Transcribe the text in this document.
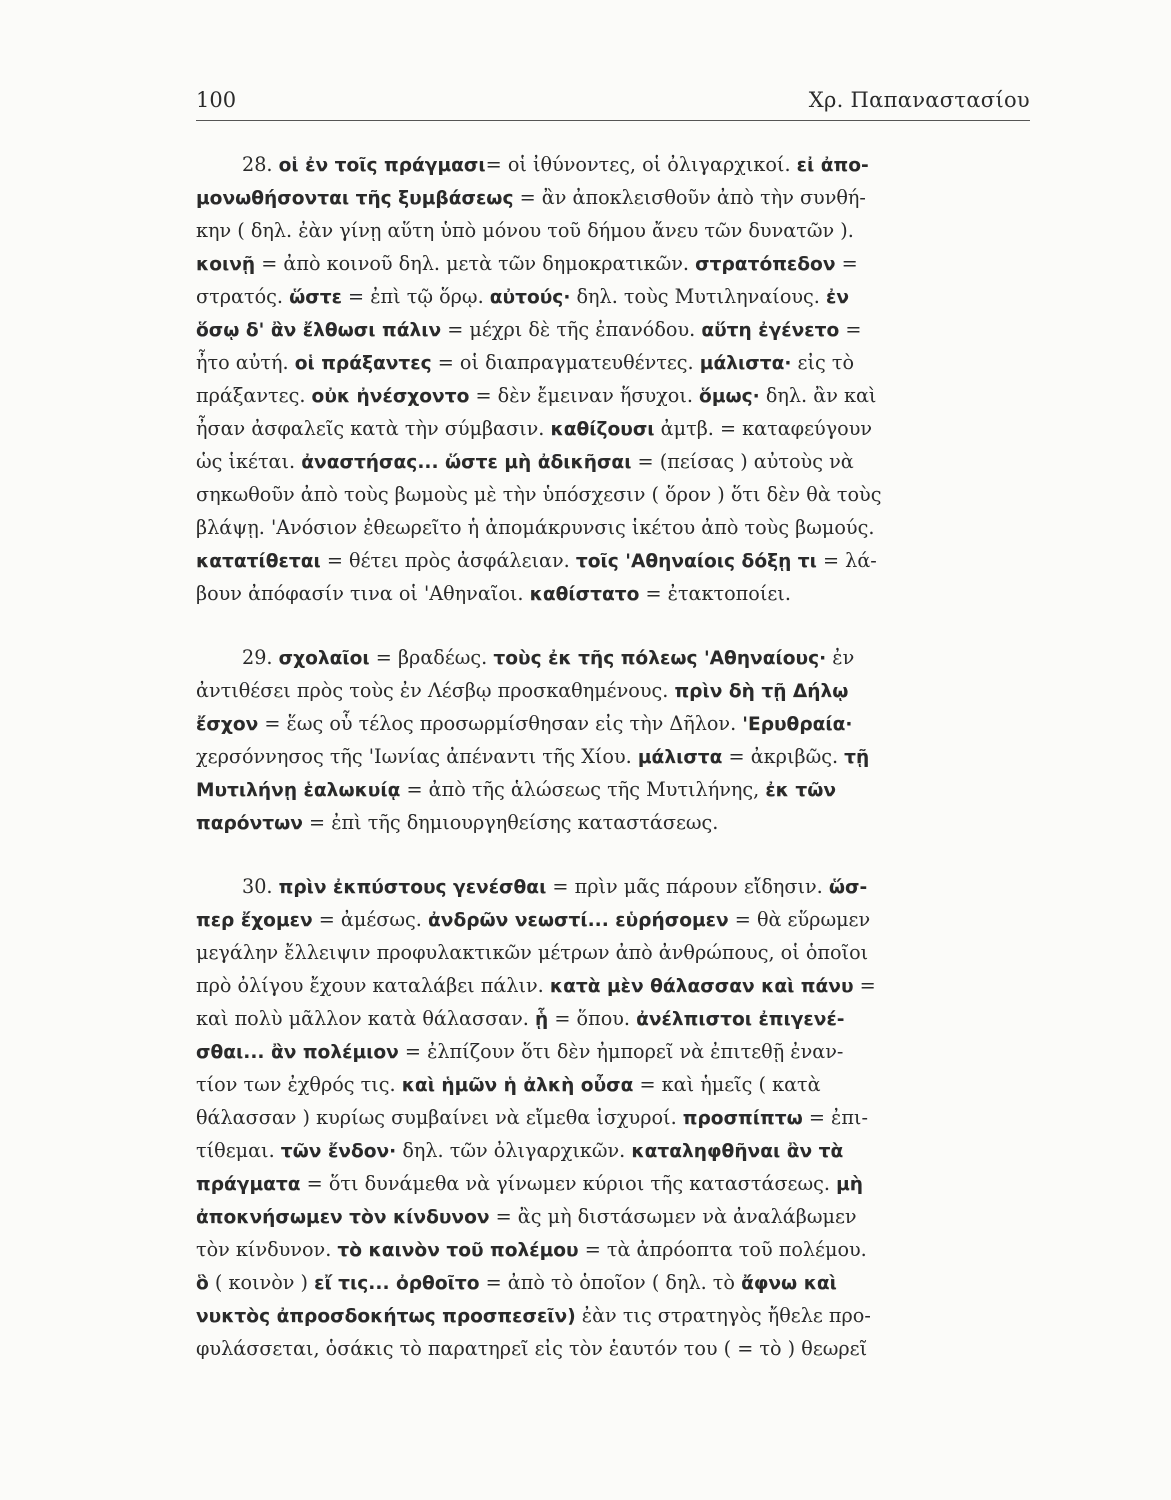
100	Χρ. Παπαναστασίου
28. οἱ ἐν τοῖς πράγμασι= οἱ ἰθύνοντες, οἱ ὀλιγαρχικοί. εἰ ἀπο-
μονωθήσονται τῆς ξυμβάσεως = ἂν ἀποκλεισθοῦν ἀπὸ τὴν συνθή-
κην ( δηλ. ἐὰν γίνῃ αὕτη ὑπὸ μόνου τοῦ δήμου ἄνευ τῶν δυνατῶν ).
κοινῇ = ἀπὸ κοινοῦ δηλ. μετὰ τῶν δημοκρατικῶν. στρατόπεδον =
στρατός. ὥστε = ἐπὶ τῷ ὅρῳ. αὐτούς· δηλ. τοὺς Μυτιληναίους. ἐν
ὅσῳ δ' ἂν ἔλθωσι πάλιν = μέχρι δὲ τῆς ἐπανόδου. αὕτη ἐγένετο =
ἦτο αὐτή. οἱ πράξαντες = οἱ διαπραγματευθέντες. μάλιστα· εἰς τὸ
πράξαντες. οὐκ ἠνέσχοντο = δὲν ἔμειναν ἥσυχοι. ὅμως· δηλ. ἂν καὶ
ἦσαν ἀσφαλεῖς κατὰ τὴν σύμβασιν. καθίζουσι ἀμτβ. = καταφεύγουν
ὡς ἱκέται. ἀναστήσας... ὥστε μὴ ἀδικῆσαι = (πείσας ) αὐτοὺς νὰ
σηκωθοῦν ἀπὸ τοὺς βωμοὺς μὲ τὴν ὑπόσχεσιν ( ὅρον ) ὅτι δὲν θὰ τοὺς
βλάψῃ. 'Ανόσιον ἐθεωρεῖτο ἡ ἀπομάκρυνσις ἱκέτου ἀπὸ τοὺς βωμούς.
κατατίθεται = θέτει πρὸς ἀσφάλειαν. τοῖς 'Αθηναίοις δόξῃ τι = λά-
βουν ἀπόφασίν τινα οἱ 'Αθηναῖοι. καθίστατο = ἐτακτοποίει.
29. σχολαῖοι = βραδέως. τοὺς ἐκ τῆς πόλεως 'Αθηναίους· ἐν
ἀντιθέσει πρὸς τοὺς ἐν Λέσβῳ προσκαθημένους. πρὶν δὴ τῇ Δήλῳ
ἔσχον = ἕως οὗ τέλος προσωρμίσθησαν εἰς τὴν Δῆλον. 'Ερυθραία·
χερσόννησος τῆς 'Ιωνίας ἀπέναντι τῆς Χίου. μάλιστα = ἀκριβῶς. τῇ
Μυτιλήνῃ ἑαλωκυίᾳ = ἀπὸ τῆς ἁλώσεως τῆς Μυτιλήνης, ἐκ τῶν
παρόντων = ἐπὶ τῆς δημιουργηθείσης καταστάσεως.
30. πρὶν ἐκπύστους γενέσθαι = πρὶν μᾶς πάρουν εἴδησιν. ὥσ-
περ ἔχομεν = ἀμέσως. ἀνδρῶν νεωστί... εὑρήσομεν = θὰ εὕρωμεν
μεγάλην ἔλλειψιν προφυλακτικῶν μέτρων ἀπὸ ἀνθρώπους, οἱ ὁποῖοι
πρὸ ὀλίγου ἔχουν καταλάβει πάλιν. κατὰ μὲν θάλασσαν καὶ πάνυ =
καὶ πολὺ μᾶλλον κατὰ θάλασσαν. ᾗ = ὅπου. ἀνέλπιστοι ἐπιγενέ-
σθαι... ἂν πολέμιον = ἐλπίζουν ὅτι δὲν ἠμπορεῖ νὰ ἐπιτεθῇ ἐναν-
τίον των ἐχθρός τις. καὶ ἡμῶν ἡ ἀλκὴ οὖσα = καὶ ἡμεῖς ( κατὰ
θάλασσαν ) κυρίως συμβαίνει νὰ εἴμεθα ἰσχυροί. προσπίπτω = ἐπι-
τίθεμαι. τῶν ἔνδον· δηλ. τῶν ὀλιγαρχικῶν. καταληφθῆναι ἂν τὰ
πράγματα = ὅτι δυνάμεθα νὰ γίνωμεν κύριοι τῆς καταστάσεως. μὴ
ἀποκνήσωμεν τὸν κίνδυνον = ἂς μὴ διστάσωμεν νὰ ἀναλάβωμεν
τὸν κίνδυνον. τὸ καινὸν τοῦ πολέμου = τὰ ἀπρόοπτα τοῦ πολέμου.
ὃ ( κοινὸν ) εἴ τις... ὀρθοῖτο = ἀπὸ τὸ ὁποῖον ( δηλ. τὸ ἄφνω καὶ
νυκτὸς ἀπροσδοκήτως προσπεσεῖν) ἐὰν τις στρατηγὸς ἤθελε προ-
φυλάσσεται, ὁσάκις τὸ παρατηρεῖ εἰς τὸν ἑαυτόν του ( = τὸ ) θεωρεῖ
